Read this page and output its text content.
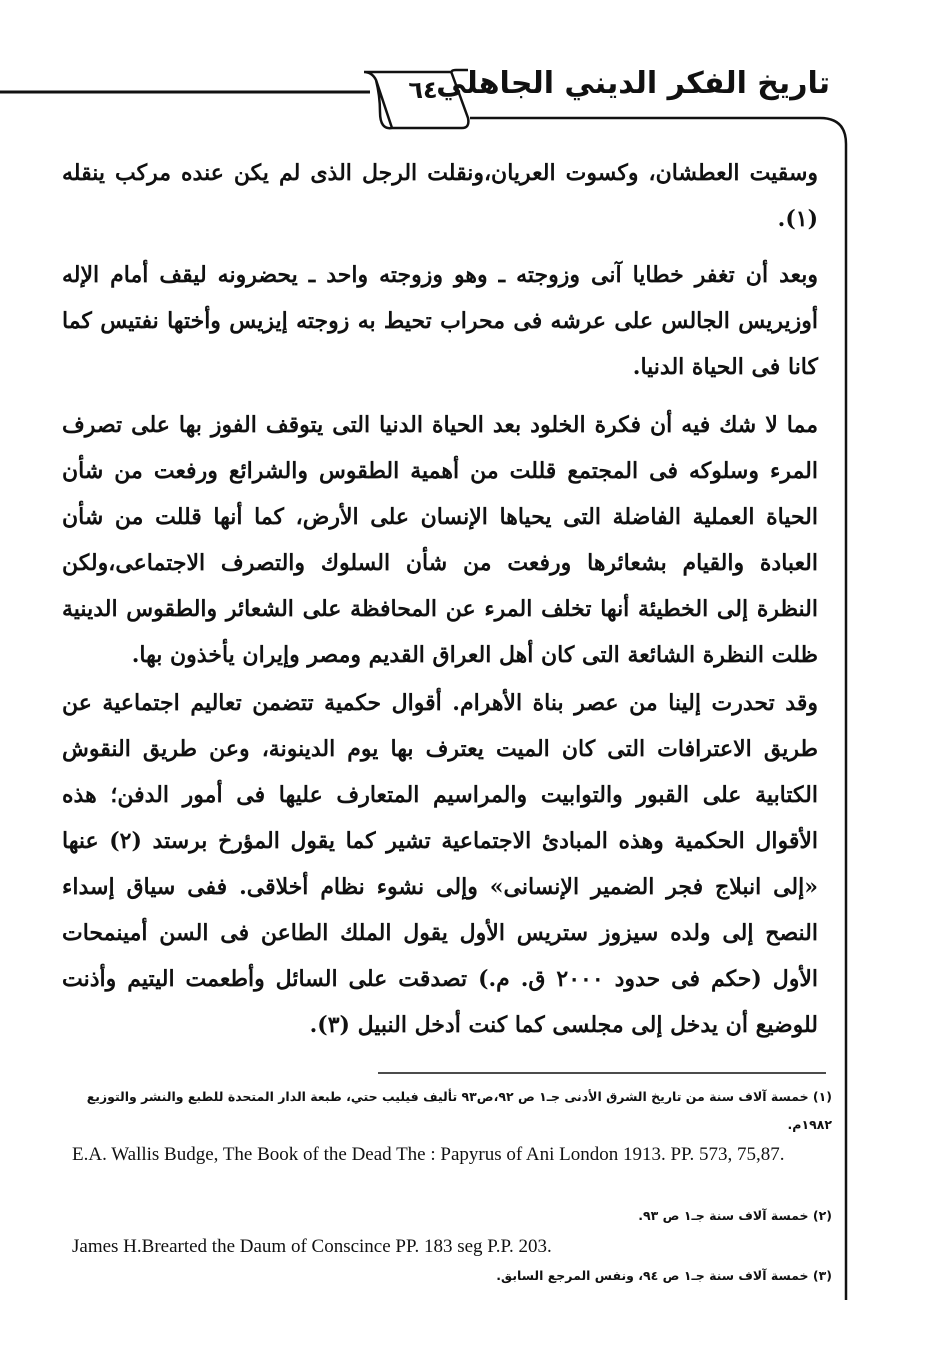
تاريخ الفكر الديني الجاهلي
٦٤

وسقيت العطشان، وكسوت العريان،ونقلت الرجل الذى لم يكن عنده مركب ينقله (١).

وبعد أن تغفر خطايا آنى وزوجته ـ وهو وزوجته واحد ـ يحضرونه ليقف أمام الإله أوزيريس الجالس على عرشه فى محراب تحيط به زوجته إيزيس وأختها نفتيس كما كانا فى الحياة الدنيا.

مما لا شك فيه أن فكرة الخلود بعد الحياة الدنيا التى يتوقف الفوز بها على تصرف المرء وسلوكه فى المجتمع قللت من أهمية الطقوس والشرائع ورفعت من شأن الحياة العملية الفاضلة التى يحياها الإنسان على الأرض، كما أنها قللت من شأن العبادة والقيام بشعائرها ورفعت من شأن السلوك والتصرف الاجتماعى،ولكن النظرة إلى الخطيئة أنها تخلف المرء عن المحافظة على الشعائر والطقوس الدينية ظلت النظرة الشائعة التى كان أهل العراق القديم ومصر وإيران يأخذون بها.

وقد تحدرت إلينا من عصر بناة الأهرام. أقوال حكمية تتضمن تعاليم اجتماعية عن طريق الاعترافات التى كان الميت يعترف بها يوم الدينونة، وعن طريق النقوش الكتابية على القبور والتوابيت والمراسيم المتعارف عليها فى أمور الدفن؛ هذه الأقوال الحكمية وهذه المبادئ الاجتماعية تشير كما يقول المؤرخ برستد (٢) عنها «إلى انبلاج فجر الضمير الإنسانى» وإلى نشوء نظام أخلاقى. ففى سياق إسداء النصح إلى ولده سيزوز ستريس الأول يقول الملك الطاعن فى السن أمينمحات الأول (حكم فى حدود ٢٠٠٠ ق. م.) تصدقت على السائل وأطعمت اليتيم وأذنت للوضيع أن يدخل إلى مجلسى كما كنت أدخل النبيل (٣).

(١) خمسة آلاف سنة من تاريخ الشرق الأدنى جـ١ ص ٩٢،ص٩٣ تأليف فيليب حتي، طبعة الدار المتحدة للطبع والنشر والتوزيع ١٩٨٢م.

E.A. Wallis Budge, The Book of the Dead The : Papyrus of Ani London 1913. PP. 573, 75,87.

(٢) خمسة آلاف سنة جـ١ ص ٩٣.

James H.Brearted the Daum of Conscincе PP. 183 seg P.P. 203.

(٣) خمسة آلاف سنة جـ١ ص ٩٤، ونفس المرجع السابق.
